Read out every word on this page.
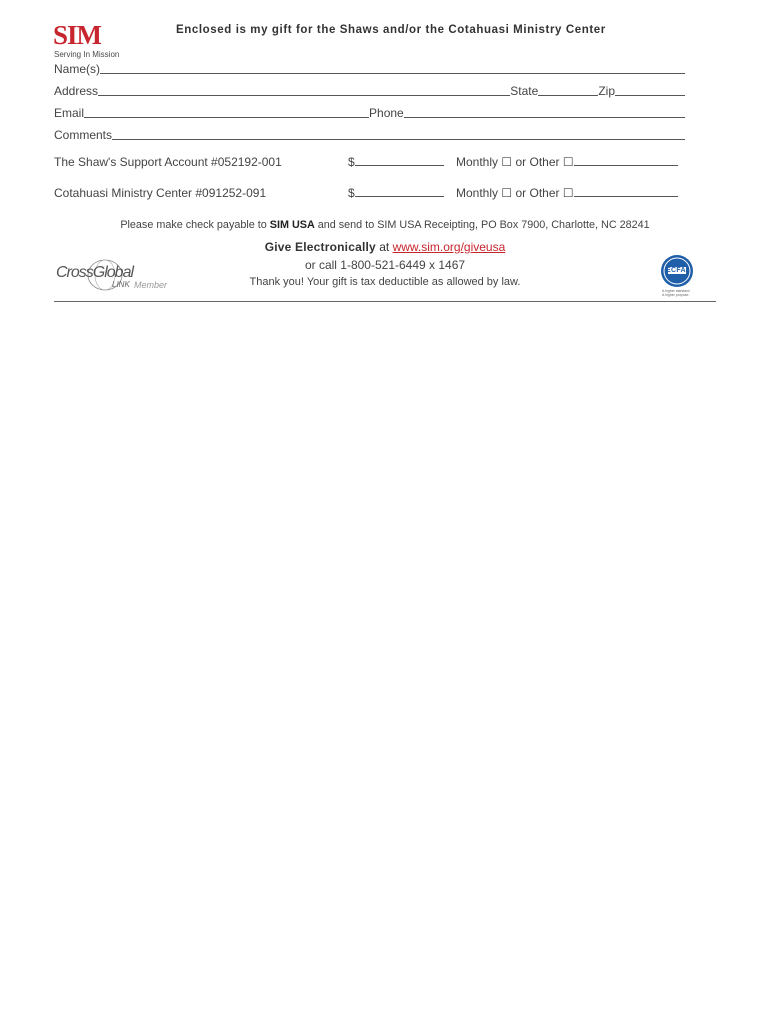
SIM
Serving In Mission
Enclosed is my gift for the Shaws and/or the Cotahuasi Ministry Center
Name(s)
Address	State	Zip
Email	Phone
Comments
The Shaw's Support Account #052192-001	$	Monthly ☐ or Other ☐
Cotahuasi Ministry Center #091252-091	$	Monthly ☐ or Other ☐
Please make check payable to SIM USA and send to SIM USA Receipting, PO Box 7900, Charlotte, NC 28241
Give Electronically at www.sim.org/giveusa
or call 1-800-521-6449 x 1467
Thank you! Your gift is tax deductible as allowed by law.
CrossGlobal
LINK Member
ECFA
A higher standard.
A higher purpose.
